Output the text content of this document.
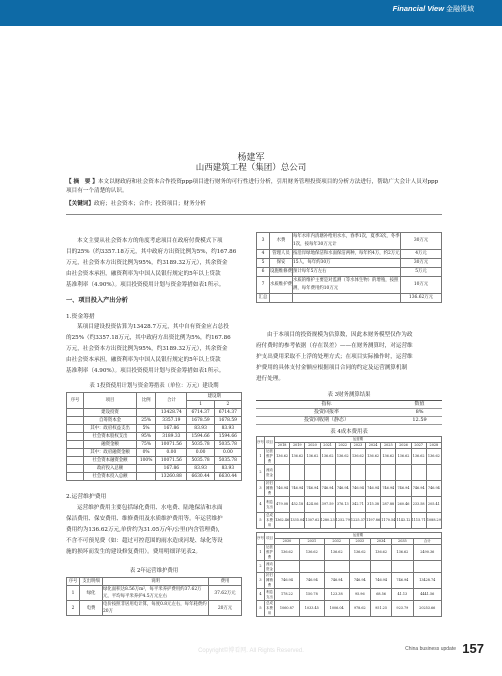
Financial View 金融视域
杨建军
山西建筑工程（集团）总公司
【 摘　要 】本文以财政府和社会资本合作投资ppp项目进行财务的可行性进行分析，引用财务管理投资项目的分析方法进行，帮助广大会计人员对ppp项目有一个清楚的认识。
【关键词】政府；社会资本；合作；投资项目；财务分析
本文主要从社会资本方的角度考虑项目在政府付费模式下项
目的25%（约3357.18万元，其中政府方出资比例为5%，约167.86
万元，社会资本方出资比例为95%，约3189.32万元），其余资金
由社会资本承担，融资利率为中国人民银行规定的5年以上贷款
基准利率（4.90%）。项目投资使用计划与资金筹措如表1所示。
一、项目投入产出分析
1.资金筹措
某项目建设投资估算为13428.7万元，其中自有资金应占总投
的25%（约3357.18万元，其中政府方出资比例为5%，约167.86
万元，社会资本方出资比例为95%，约3189.32万元），其余资金
由社会资本承担，融资利率为中国人民银行规定的5年以上贷款
基准利率（4.90%）。项目投资使用计划与资金筹措如表1所示。
表 1投资使用计划与资金筹措表（单位：万元）建设期
序号	项目	比例	合计	建设期	
				1	2
	建设投资		13428.74	6714.37	6714.37
	自筹资本金	25%	3357.19	1678.59	1678.59
	其中：政府权益支出	5%	167.86	83.93	83.93
	社会资本股权支出	95%	3189.33	1594.66	1594.66
	融资金额	75%	10071.56	5035.78	5035.78
	其中：政府融资金额	0%	0.00	0.00	0.00
	社会资本融资金额	100%	10071.56	5035.78	5035.78
	政府投入总额		167.86	83.93	83.93
	社会资本投入总额		13260.88	6630.44	6630.44
2.运营维护费用
运营维护费用主要包括绿化费用、水电费、陆地保洁和水面
保洁费用、保安费用、维修费用及水质维护费用等。年运营维护
费用约为136.62万元,单价约为31.05万/年/公里(内含管理费),
不含不可预见费（如：超过可控范围的雨水造成河堤、绿化等设
施的损坏而发生的建设修复费用）。费用明细详见表2。
表 2年运营维护费用
序号	支出明细	说明	费用
1	绿化	绿化面积达8.56万m²，每平米养护费用约37.62万元，平均每平米养护4.5万元左右	37.62万元
2	电费	电价按照非居用电计算，每度0.8元左右，每年耗费约20万	20万元
3	水费	每年水库内清塘补给用水水，春季1次，夏季3次，冬季1次，按每年30万元计	30万元
4	管理人员	按沿岸绿地保洁和水面保洁两种，每年约4万，约2万元	4万元
5	保安	15人，每年约30万	30万元
6	设施维修费	预计每年5万左右	5万元
7	水质维护费	水质的维护主要是对监测（等水体生物）的增殖，按照测，每年费用约10万元	10万元
汇总			136.62万元
由于本项目的投资规模为估算数，因此本财务模型仅作为政
府付费时的参考依据（存在误差）——在财务测算时，对运营维
护支出费用采取不上浮的处理方式；在项目实际操作时，运营维
护费用的具体支付金额应根据项目合同的约定及运营测算机制
进行处理。
表 3财务测算结果
指标	数值
投资回报率	8%
投资回收期（静态）	12.59
表 4成本费用表
序号	项目	运营期										
		2018	2019	2020	2021	2022	2023	2024	2025	2026	2027	2028
1	运营维护费	136.62	136.62	136.62	136.62	136.62	136.62	136.62	136.62	136.62	136.62	136.62
2	流动资金											
3	折旧摊销费	746.94	746.94	746.94	746.94	746.94	746.94	746.94	746.94	746.94	746.94	746.94
4	利息支出	479.08	452.18	424.06	397.59	376.13	342.71	315.38	287.88	260.46	233.58	205.41
5	总成本费用	1362.46	1335.04	1307.62	1280.23	1252.79	1225.37	1197.86	1170.54	1143.12	1115.71	1088.29
序号	项目	运营期						
		2030	2031	2032	2033	2034	2035	合计
1	运营维护费	136.62	136.62	136.62	136.62	136.62	136.62	2490.36
2	流动资金							
3	折旧摊销费	746.94	746.94	746.94	746.94	746.94	746.94	13428.74
4	利息支出	178.22	150.78	123.38	95.96	68.56	41.13	4441.56
5	总成本费用	1060.87	1033.45	1006.04	978.62	951.25	923.79	20253.66
Copyright©博看网. All Rights Reserved.	China business update 157
